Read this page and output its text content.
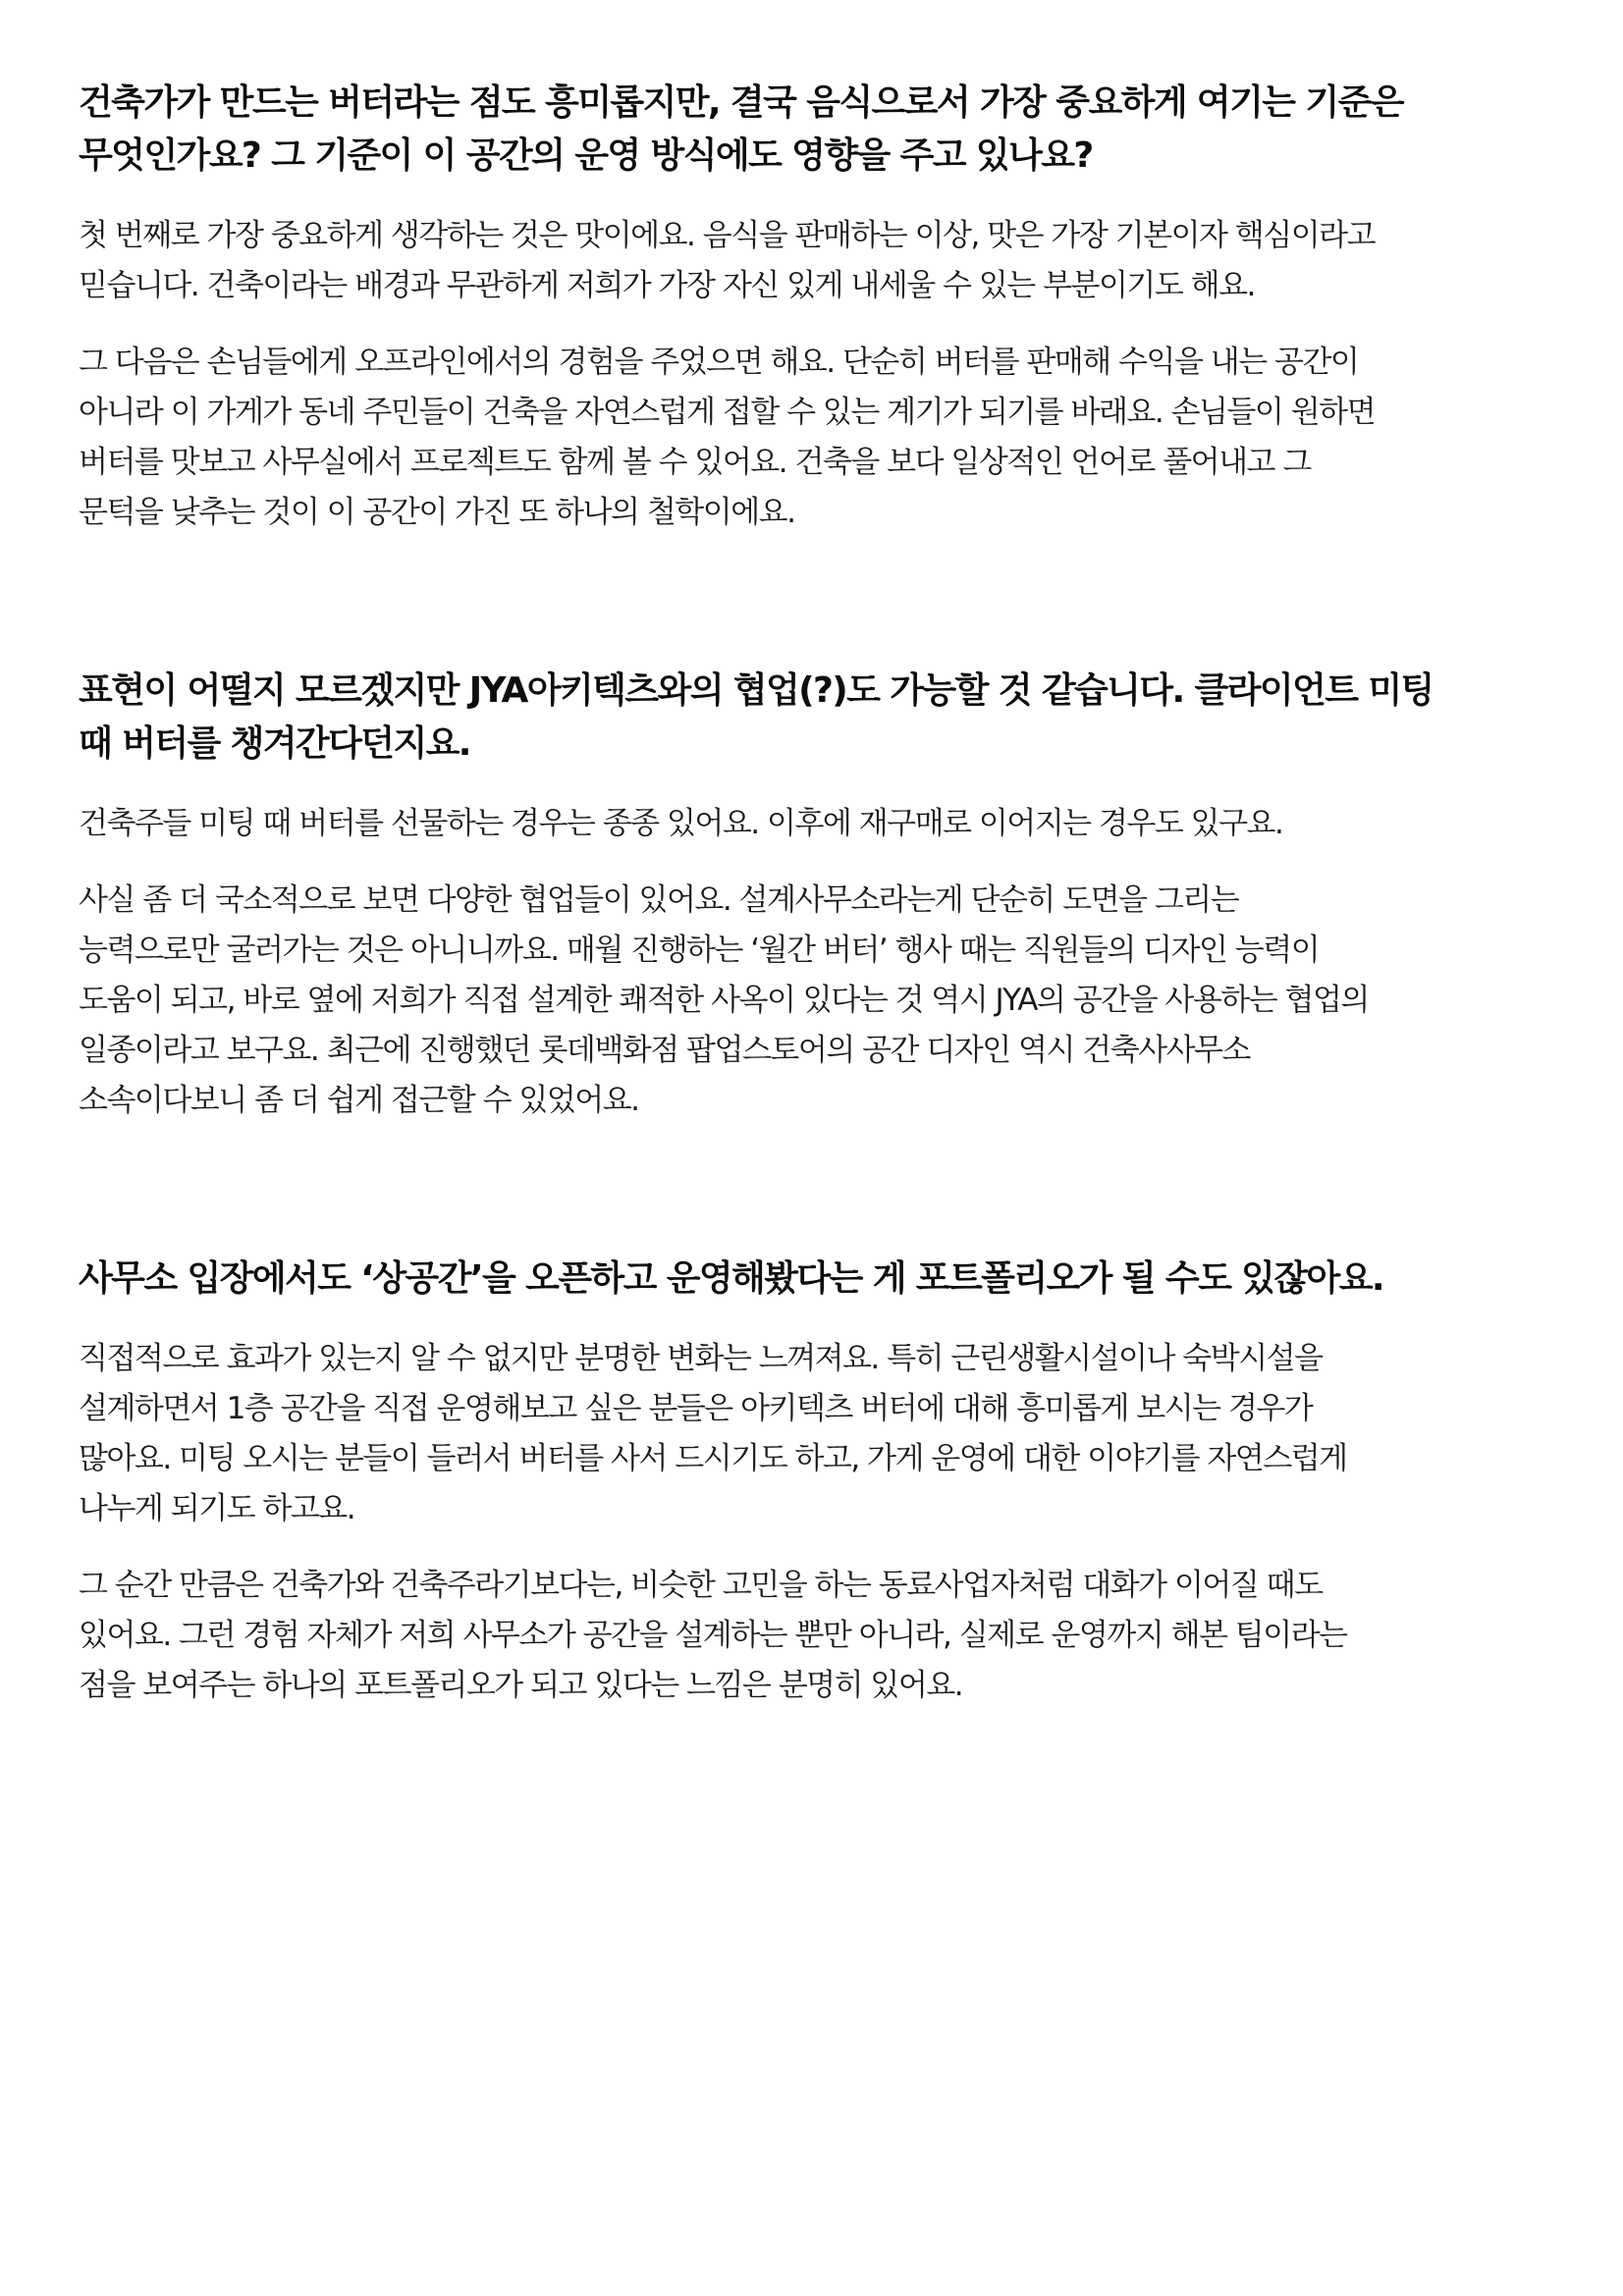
건축가가 만드는 버터라는 점도 흥미롭지만, 결국 음식으로서 가장 중요하게 여기는 기준은
무엇인가요? 그 기준이 이 공간의 운영 방식에도 영향을 주고 있나요?

첫 번째로 가장 중요하게 생각하는 것은 맛이에요. 음식을 판매하는 이상, 맛은 가장 기본이자 핵심이라고
믿습니다. 건축이라는 배경과 무관하게 저희가 가장 자신 있게 내세울 수 있는 부분이기도 해요.

그 다음은 손님들에게 오프라인에서의 경험을 주었으면 해요. 단순히 버터를 판매해 수익을 내는 공간이
아니라 이 가게가 동네 주민들이 건축을 자연스럽게 접할 수 있는 계기가 되기를 바래요. 손님들이 원하면
버터를 맛보고 사무실에서 프로젝트도 함께 볼 수 있어요. 건축을 보다 일상적인 언어로 풀어내고 그
문턱을 낮추는 것이 이 공간이 가진 또 하나의 철학이에요.

표현이 어떨지 모르겠지만 JYA아키텍츠와의 협업(?)도 가능할 것 같습니다. 클라이언트 미팅
때 버터를 챙겨간다던지요.

건축주들 미팅 때 버터를 선물하는 경우는 종종 있어요. 이후에 재구매로 이어지는 경우도 있구요.

사실 좀 더 국소적으로 보면 다양한 협업들이 있어요. 설계사무소라는게 단순히 도면을 그리는
능력으로만 굴러가는 것은 아니니까요. 매월 진행하는 ‘월간 버터’ 행사 때는 직원들의 디자인 능력이
도움이 되고, 바로 옆에 저희가 직접 설계한 쾌적한 사옥이 있다는 것 역시 JYA의 공간을 사용하는 협업의
일종이라고 보구요. 최근에 진행했던 롯데백화점 팝업스토어의 공간 디자인 역시 건축사사무소
소속이다보니 좀 더 쉽게 접근할 수 있었어요.

사무소 입장에서도 ‘상공간’을 오픈하고 운영해봤다는 게 포트폴리오가 될 수도 있잖아요.

직접적으로 효과가 있는지 알 수 없지만 분명한 변화는 느껴져요. 특히 근린생활시설이나 숙박시설을
설계하면서 1층 공간을 직접 운영해보고 싶은 분들은 아키텍츠 버터에 대해 흥미롭게 보시는 경우가
많아요. 미팅 오시는 분들이 들러서 버터를 사서 드시기도 하고, 가게 운영에 대한 이야기를 자연스럽게
나누게 되기도 하고요.

그 순간 만큼은 건축가와 건축주라기보다는, 비슷한 고민을 하는 동료사업자처럼 대화가 이어질 때도
있어요. 그런 경험 자체가 저희 사무소가 공간을 설계하는 뿐만 아니라, 실제로 운영까지 해본 팀이라는
점을 보여주는 하나의 포트폴리오가 되고 있다는 느낌은 분명히 있어요.
